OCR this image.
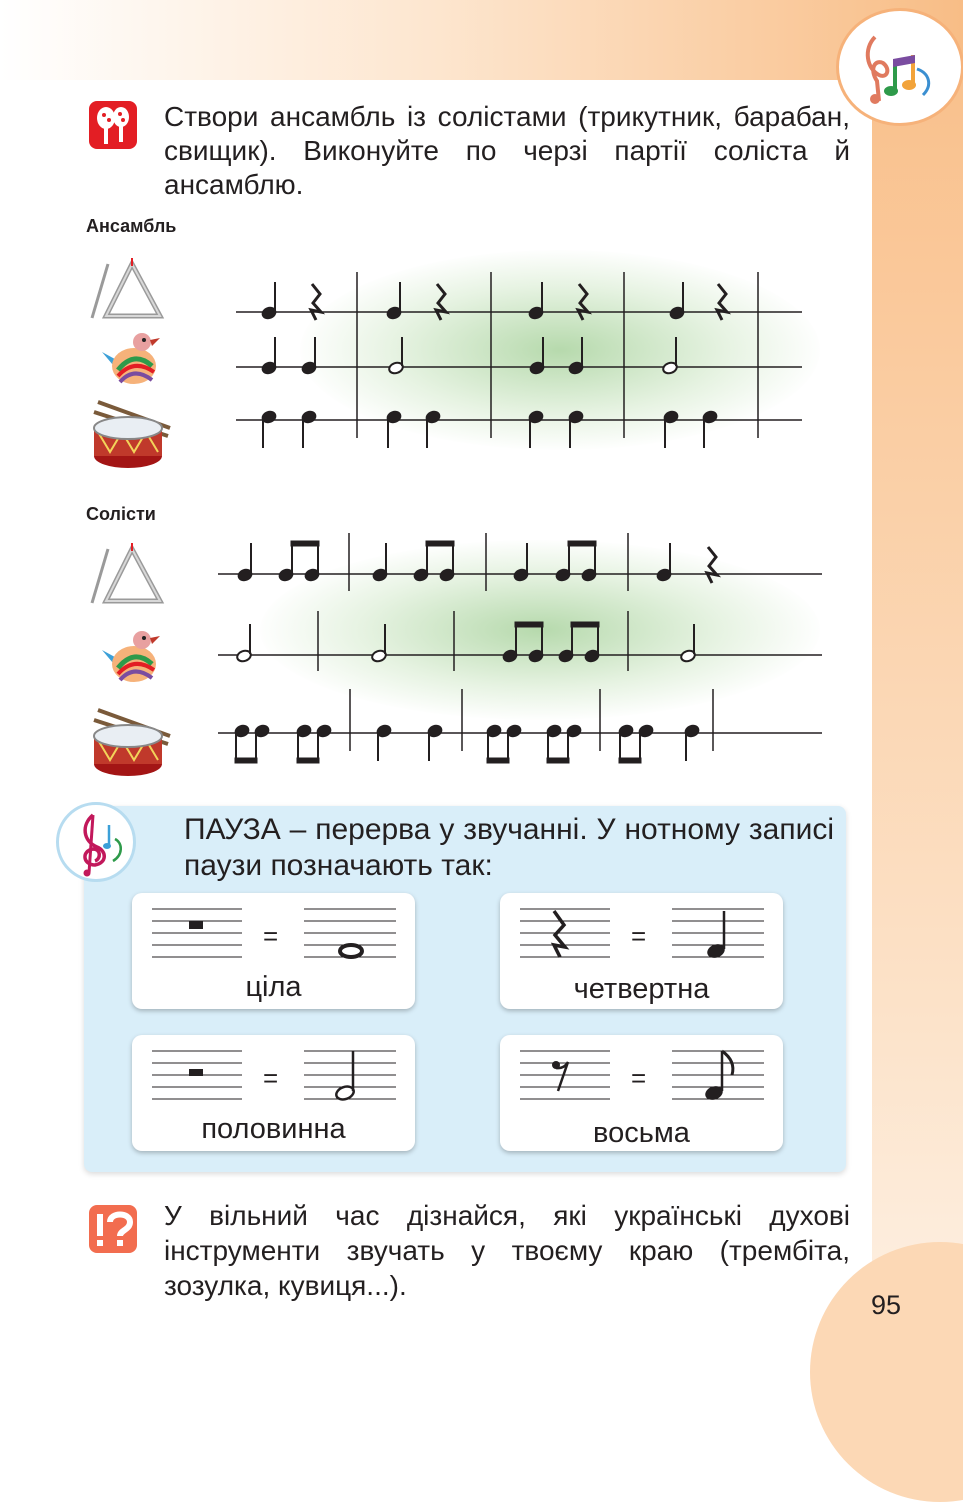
Створи ансамбль із солістами (трикутник, барабан, свищик). Виконуйте по черзі партії соліста й ансамблю.
Ансамбль
Солісти
ПАУЗА – перерва у звучанні. У нотному записі паузи позначають так:
=
ціла
=
четвертна
=
половинна
=
восьма
У вільний час дізнайся, які українські духові інструменти звучать у твоєму краю (трембіта, зозулка, кувиця...).
95
